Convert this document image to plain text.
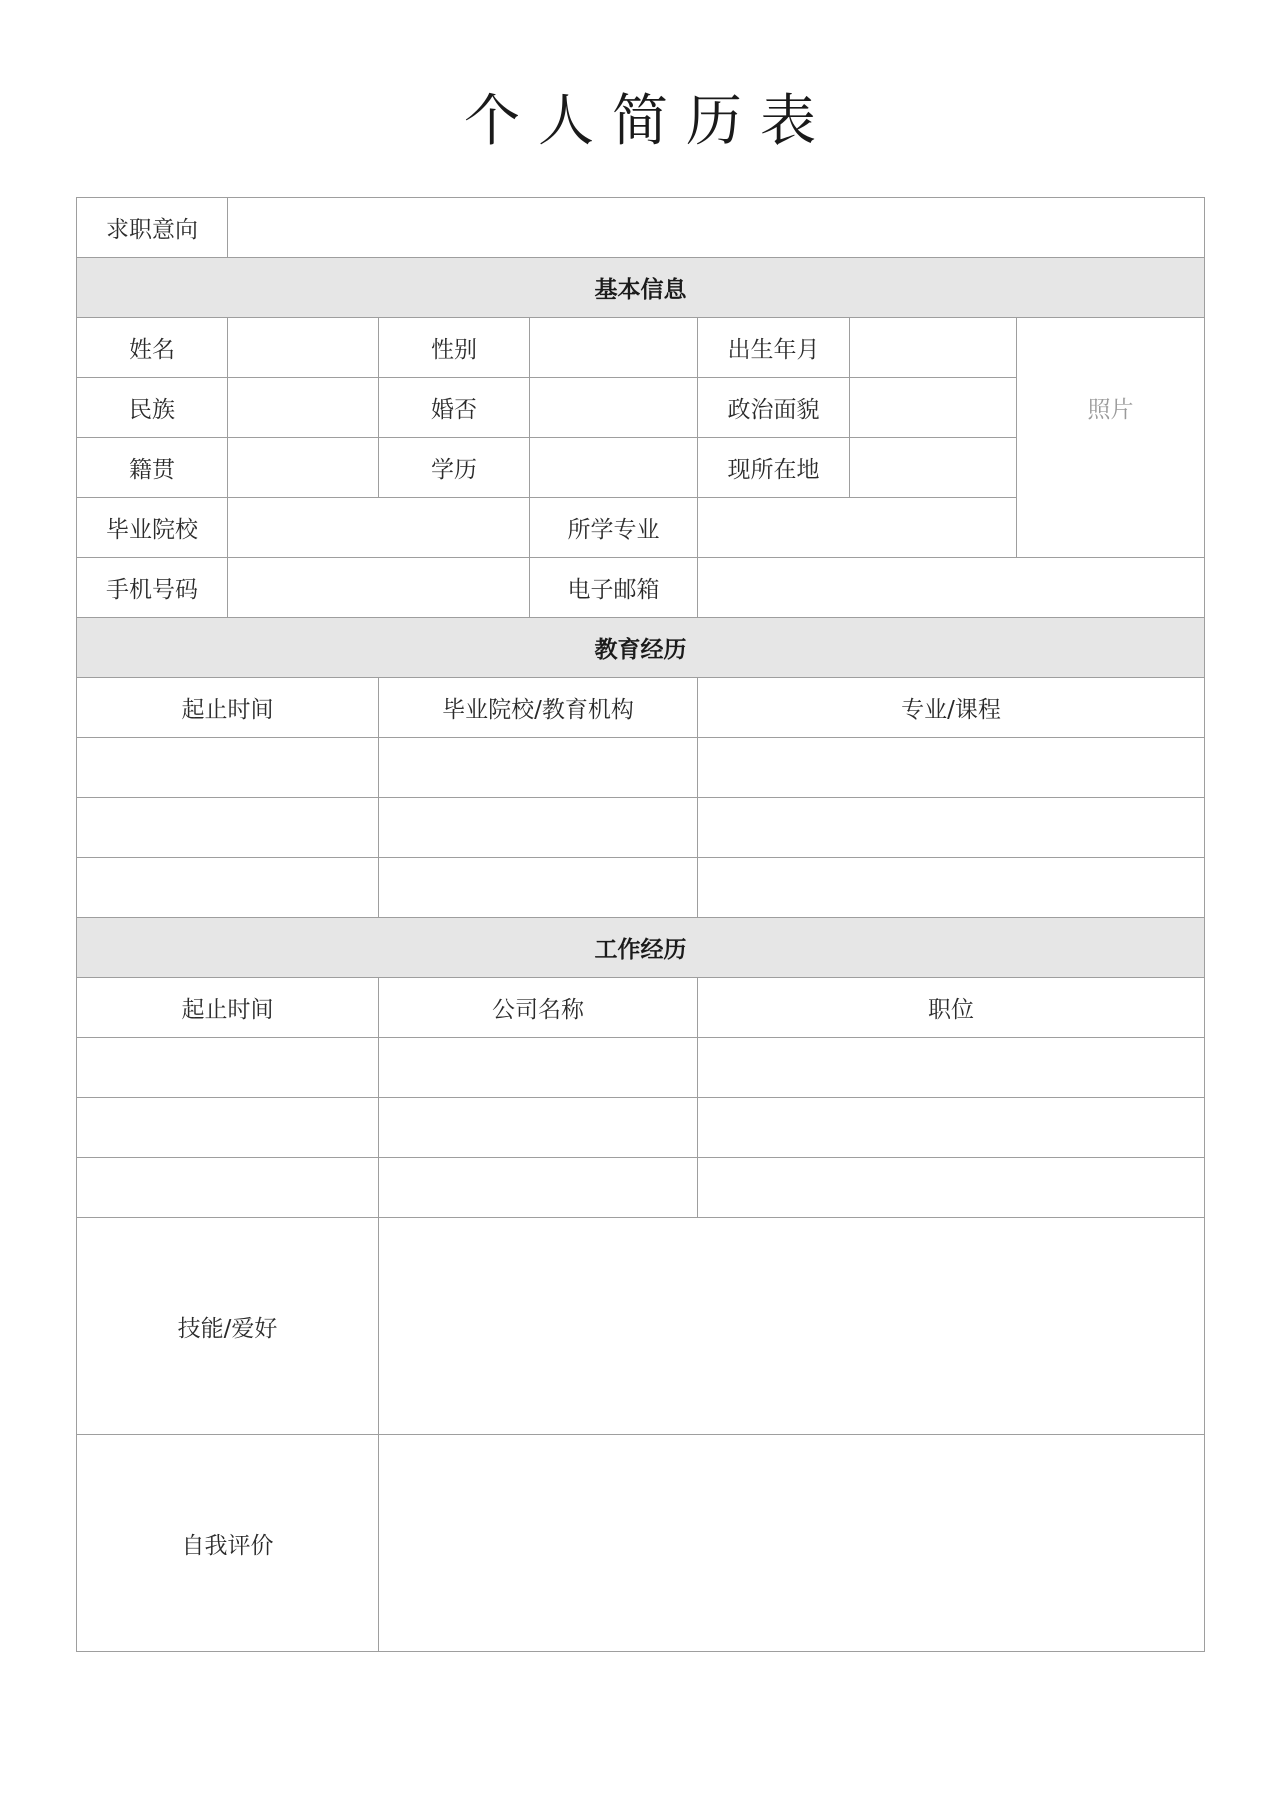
个人简历表
求职意向						
基本信息						
姓名		性别		出生年月		照片
民族		婚否		政治面貌		
籍贯		学历		现所在地		
毕业院校			所学专业			
手机号码			电子邮箱			
教育经历						
起止时间		毕业院校/教育机构		专业/课程		

工作经历						
起止时间		公司名称		职位		

技能/爱好						
自我评价						
